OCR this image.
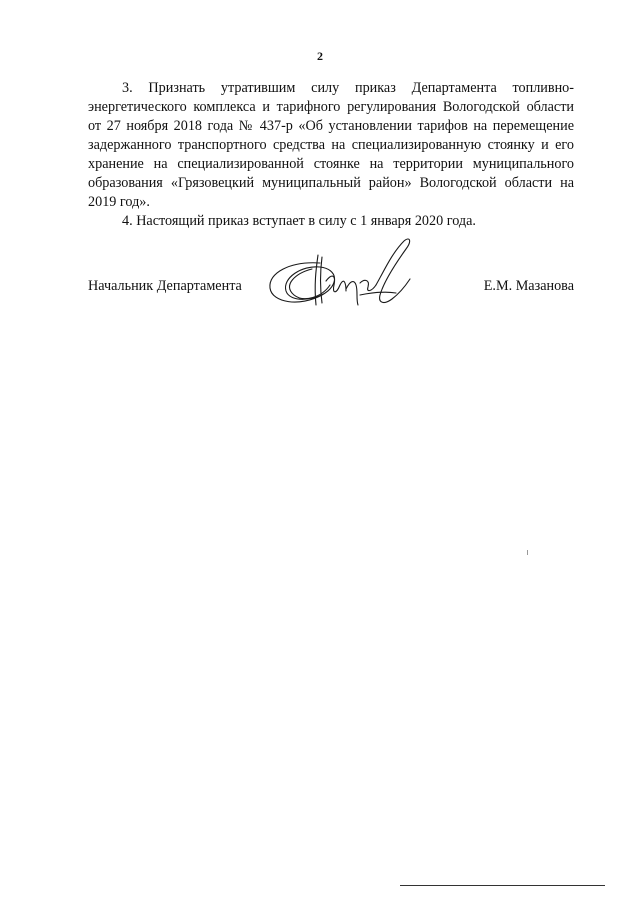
2
3. Признать утратившим силу приказ Департамента топливно-
энергетического комплекса и тарифного регулирования Вологодской области
от 27 ноября 2018 года № 437-р «Об установлении тарифов на перемещение
задержанного транспортного средства на специализированную стоянку и его
хранение на специализированной стоянке на территории муниципального
образования «Грязовецкий муниципальный район» Вологодской области на
2019 год».
4. Настоящий приказ вступает в силу с 1 января 2020 года.
Начальник Департамента	Е.М. Мазанова
